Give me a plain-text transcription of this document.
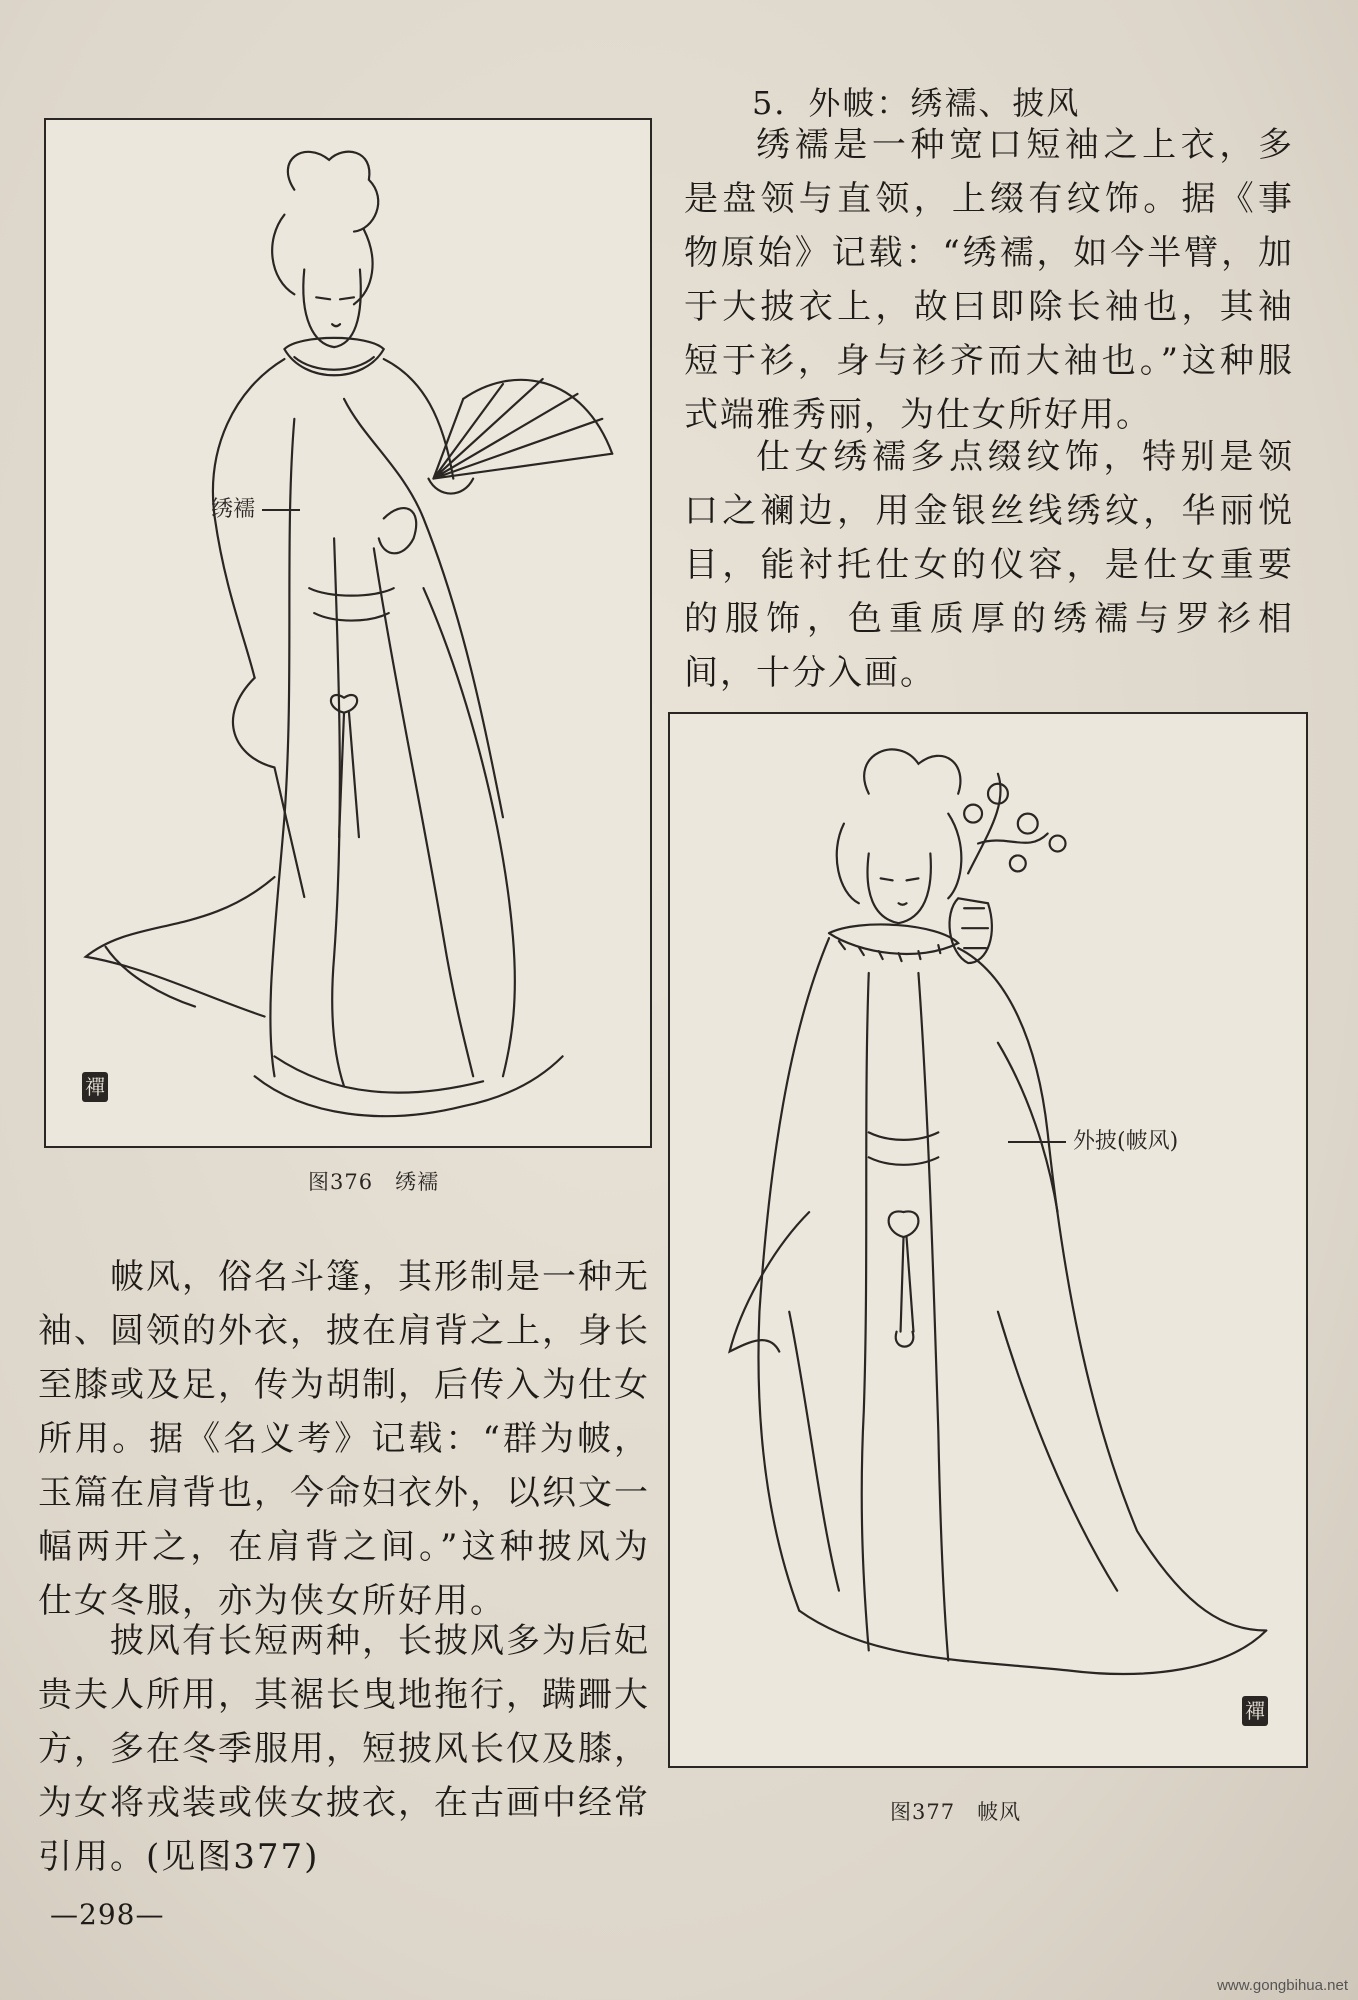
禪
绣襦
图376　绣襦
5．外帔：绣襦、披风

绣襦是一种宽口短袖之上衣，多是盘领与直领，上缀有纹饰。据《事物原始》记载：“绣襦，如今半臂，加于大披衣上，故曰即除长袖也，其袖短于衫，身与衫齐而大袖也。”这种服式端雅秀丽，为仕女所好用。

仕女绣襦多点缀纹饰，特别是领口之襕边，用金银丝线绣纹，华丽悦目，能衬托仕女的仪容，是仕女重要的服饰，色重质厚的绣襦与罗衫相间，十分入画。

禪
外披(帔风)
图377　帔风

帔风，俗名斗篷，其形制是一种无袖、圆领的外衣，披在肩背之上，身长至膝或及足，传为胡制，后传入为仕女所用。据《名义考》记载：“群为帔，玉篇在肩背也，今命妇衣外，以织文一幅两开之，在肩背之间。”这种披风为仕女冬服，亦为侠女所好用。

披风有长短两种，长披风多为后妃贵夫人所用，其裾长曳地拖行，蹒跚大方，多在冬季服用，短披风长仅及膝，为女将戎装或侠女披衣，在古画中经常引用。(见图377)

—298—
www.gongbihua.net
